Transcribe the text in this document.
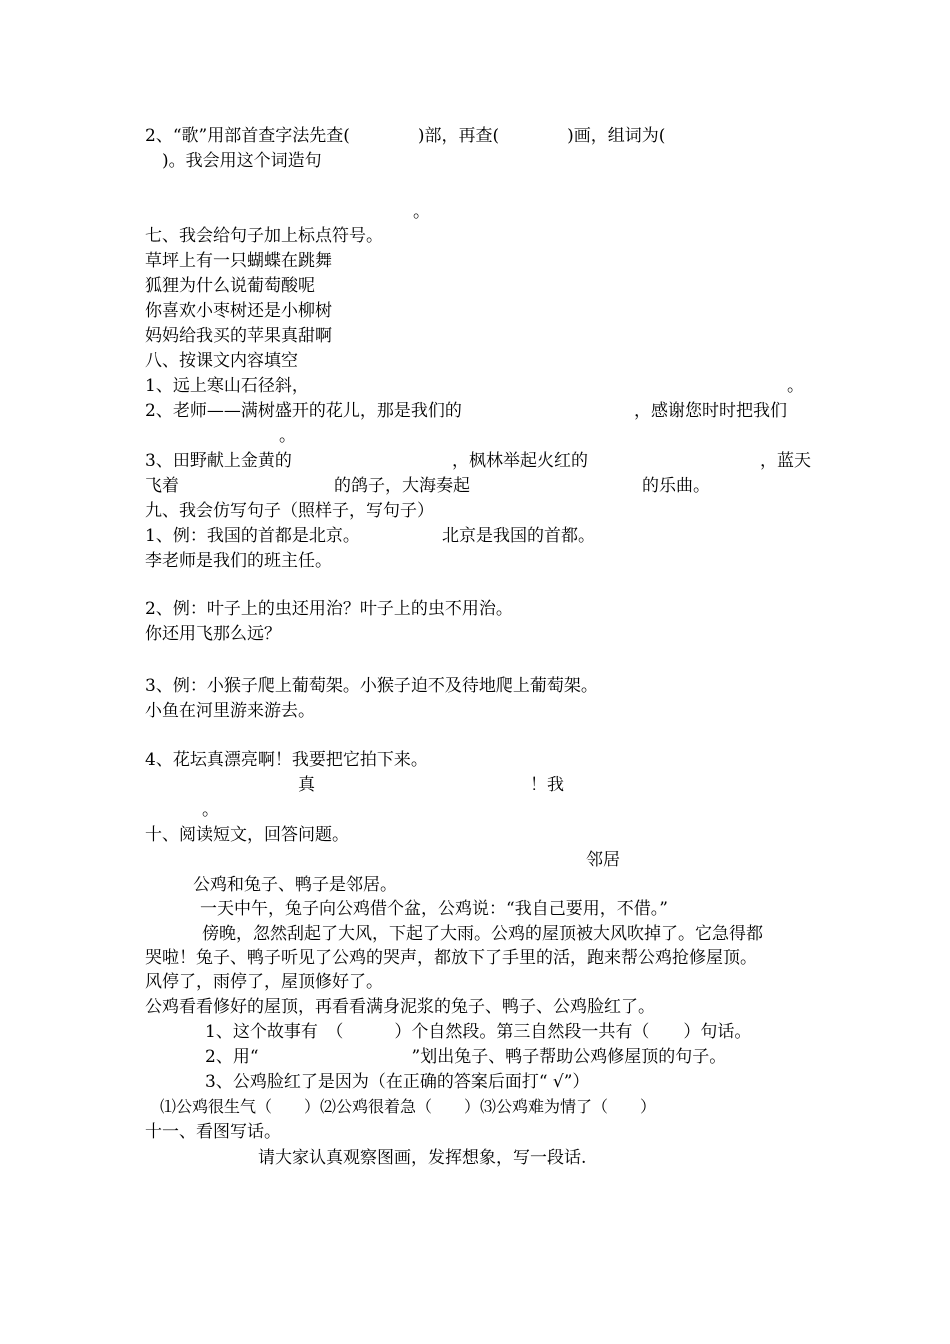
2、“歌”用部首查字法先查(　　　　)部，再查(　　　　)画，组词为(
　)。我会用这个词造句
。
七、我会给句子加上标点符号。
草坪上有一只蝴蝶在跳舞
狐狸为什么说葡萄酸呢
你喜欢小枣树还是小柳树
妈妈给我买的苹果真甜啊
八、按课文内容填空
1、远上寒山石径斜，	。
2、老师——满树盛开的花儿，那是我们的	，感谢您时时把我们
。
3、田野献上金黄的	，枫林举起火红的	，蓝天
飞着	的鸽子，大海奏起	的乐曲。
九、我会仿写句子（照样子，写句子）
1、例：我国的首都是北京。	北京是我国的首都。
李老师是我们的班主任。
2、例：叶子上的虫还用治？叶子上的虫不用治。
你还用飞那么远？
3、例：小猴子爬上葡萄架。小猴子迫不及待地爬上葡萄架。
小鱼在河里游来游去。
4、花坛真漂亮啊！我要把它拍下来。
真	！我
。
十、阅读短文，回答问题。
邻居
公鸡和兔子、鸭子是邻居。
一天中午，兔子向公鸡借个盆，公鸡说：“我自己要用，不借。”
傍晚，忽然刮起了大风，下起了大雨。公鸡的屋顶被大风吹掉了。它急得都
哭啦！兔子、鸭子听见了公鸡的哭声，都放下了手里的活，跑来帮公鸡抢修屋顶。
风停了，雨停了，屋顶修好了。
公鸡看看修好的屋顶，再看看满身泥浆的兔子、鸭子、公鸡脸红了。
1、这个故事有　（　　　）个自然段。第三自然段一共有（　　）句话。
2、用“　　　　　　　　　”划出兔子、鸭子帮助公鸡修屋顶的句子。
3、公鸡脸红了是因为（在正确的答案后面打“ √”）
⑴公鸡很生气（　　）⑵公鸡很着急（　　）⑶公鸡难为情了（　　）
十一、看图写话。
请大家认真观察图画，发挥想象，写一段话.
